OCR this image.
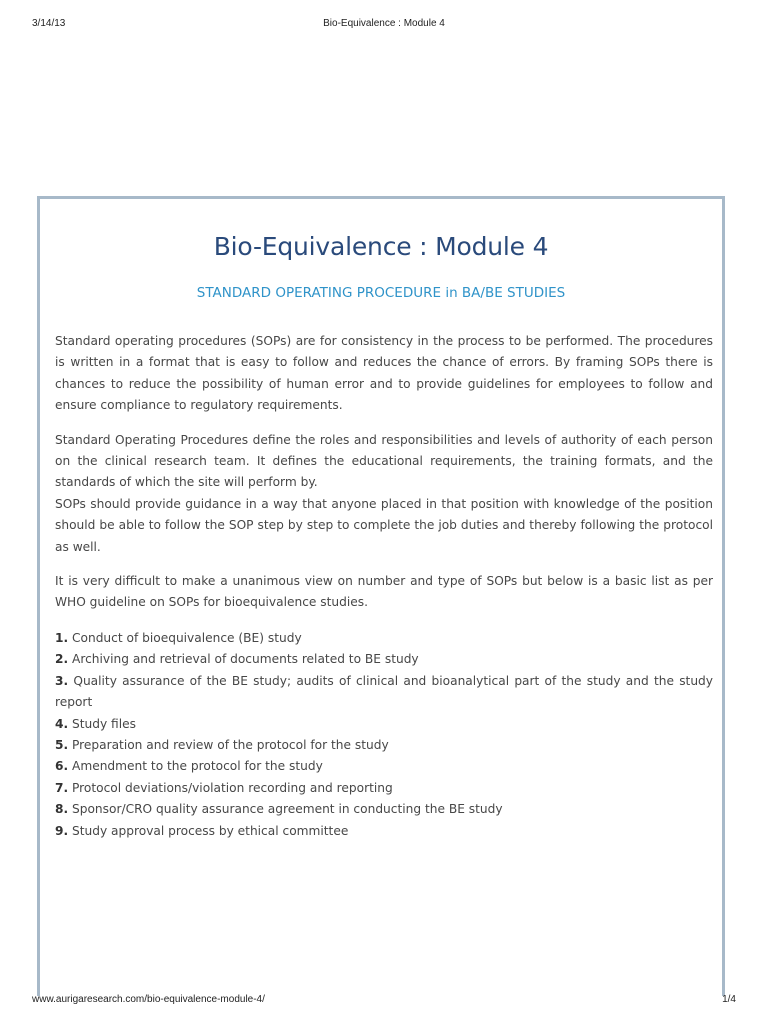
3/14/13	Bio-Equivalence : Module 4
Bio-Equivalence : Module 4
STANDARD OPERATING PROCEDURE in BA/BE STUDIES

Standard operating procedures (SOPs) are for consistency in the process to be performed. The procedures is written in a format that is easy to follow and reduces the chance of errors. By framing SOPs there is chances to reduce the possibility of human error and to provide guidelines for employees to follow and ensure compliance to regulatory requirements.

Standard Operating Procedures define the roles and responsibilities and levels of authority of each person on the clinical research team. It defines the educational requirements, the training formats, and the standards of which the site will perform by.

SOPs should provide guidance in a way that anyone placed in that position with knowledge of the position should be able to follow the SOP step by step to complete the job duties and thereby following the protocol as well.

It is very difficult to make a unanimous view on number and type of SOPs but below is a basic list as per WHO guideline on SOPs for bioequivalence studies.

1. Conduct of bioequivalence (BE) study

2. Archiving and retrieval of documents related to BE study

3. Quality assurance of the BE study; audits of clinical and bioanalytical part of the study and the study report

4. Study files

5. Preparation and review of the protocol for the study

6. Amendment to the protocol for the study

7. Protocol deviations/violation recording and reporting

8. Sponsor/CRO quality assurance agreement in conducting the BE study

9. Study approval process by ethical committee

www.aurigaresearch.com/bio-equivalence-module-4/	1/4
